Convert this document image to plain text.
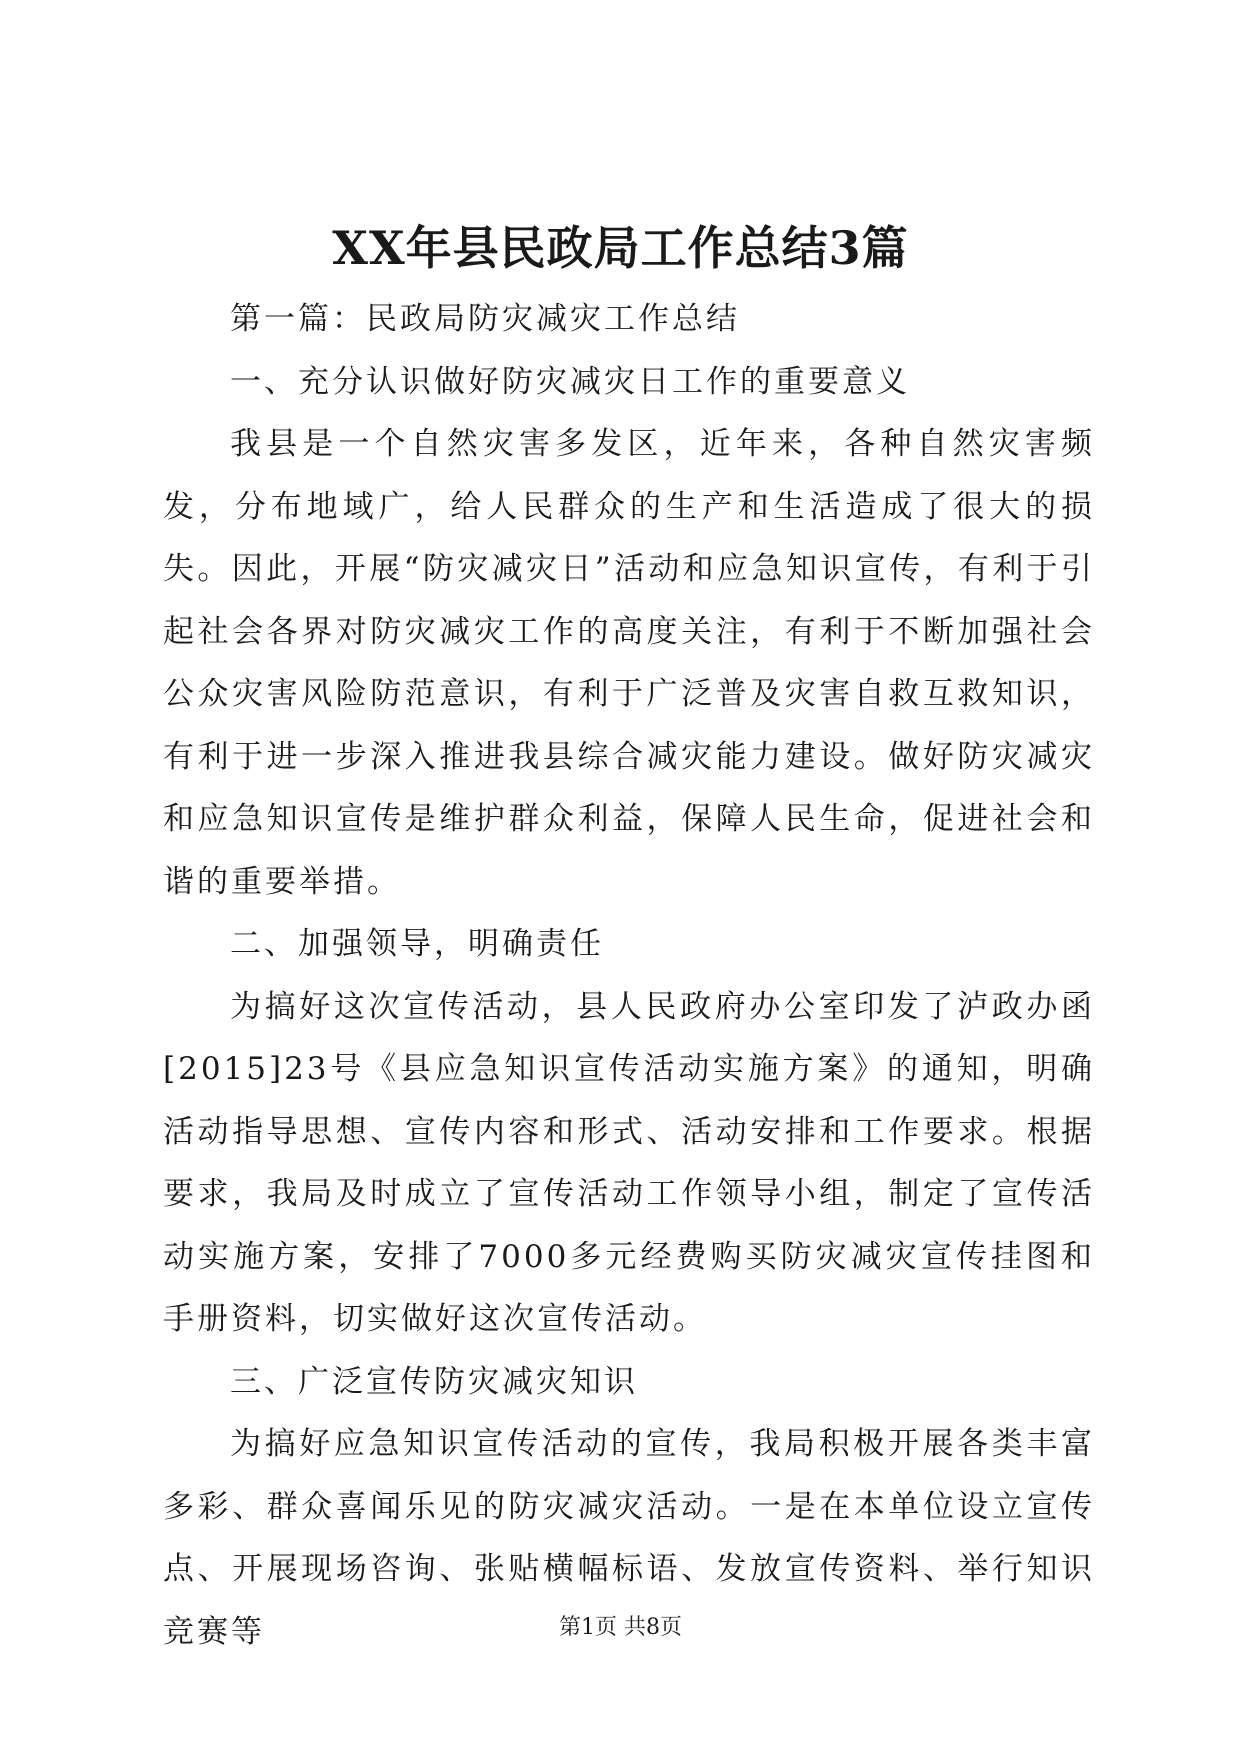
XX年县民政局工作总结3篇

第一篇：民政局防灾减灾工作总结

一、充分认识做好防灾减灾日工作的重要意义

我县是一个自然灾害多发区，近年来，各种自然灾害频发，分布地域广，给人民群众的生产和生活造成了很大的损失。因此，开展“防灾减灾日”活动和应急知识宣传，有利于引起社会各界对防灾减灾工作的高度关注，有利于不断加强社会公众灾害风险防范意识，有利于广泛普及灾害自救互救知识，有利于进一步深入推进我县综合减灾能力建设。做好防灾减灾和应急知识宣传是维护群众利益，保障人民生命，促进社会和谐的重要举措。

二、加强领导，明确责任

为搞好这次宣传活动，县人民政府办公室印发了泸政办函[2015]23号《县应急知识宣传活动实施方案》的通知，明确活动指导思想、宣传内容和形式、活动安排和工作要求。根据要求，我局及时成立了宣传活动工作领导小组，制定了宣传活动实施方案，安排了7000多元经费购买防灾减灾宣传挂图和手册资料，切实做好这次宣传活动。

三、广泛宣传防灾减灾知识

为搞好应急知识宣传活动的宣传，我局积极开展各类丰富多彩、群众喜闻乐见的防灾减灾活动。一是在本单位设立宣传点、开展现场咨询、张贴横幅标语、发放宣传资料、举行知识竞赛等	第1页 共8页
